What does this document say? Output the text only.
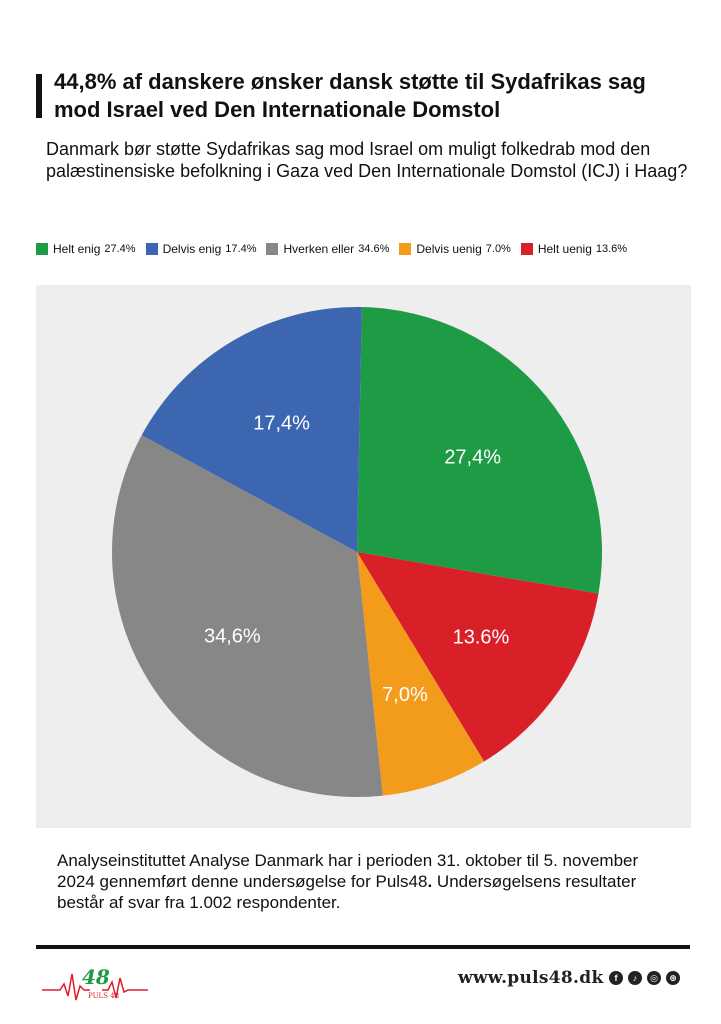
44,8% af danskere ønsker dansk støtte til Sydafrikas sag mod Israel ved Den Internationale Domstol

Danmark bør støtte Sydafrikas sag mod Israel om muligt folkedrab mod den palæstinensiske befolkning i Gaza ved Den Internationale Domstol (ICJ) i Haag?

Helt enig 27.4% Delvis enig 17.4% Hverken eller 34.6% Delvis uenig 7.0% Helt uenig 13.6%
27,4%
13.6%
7,0%
34,6%
17,4%

Analyseinstituttet Analyse Danmark har i perioden 31. oktober til 5. november 2024 gennemført denne undersøgelse for Puls48. Undersøgelsens resultater består af svar fra 1.002 respondenter.

48
PULS 48
www.puls48.dk	f	♪	◎	⊕
